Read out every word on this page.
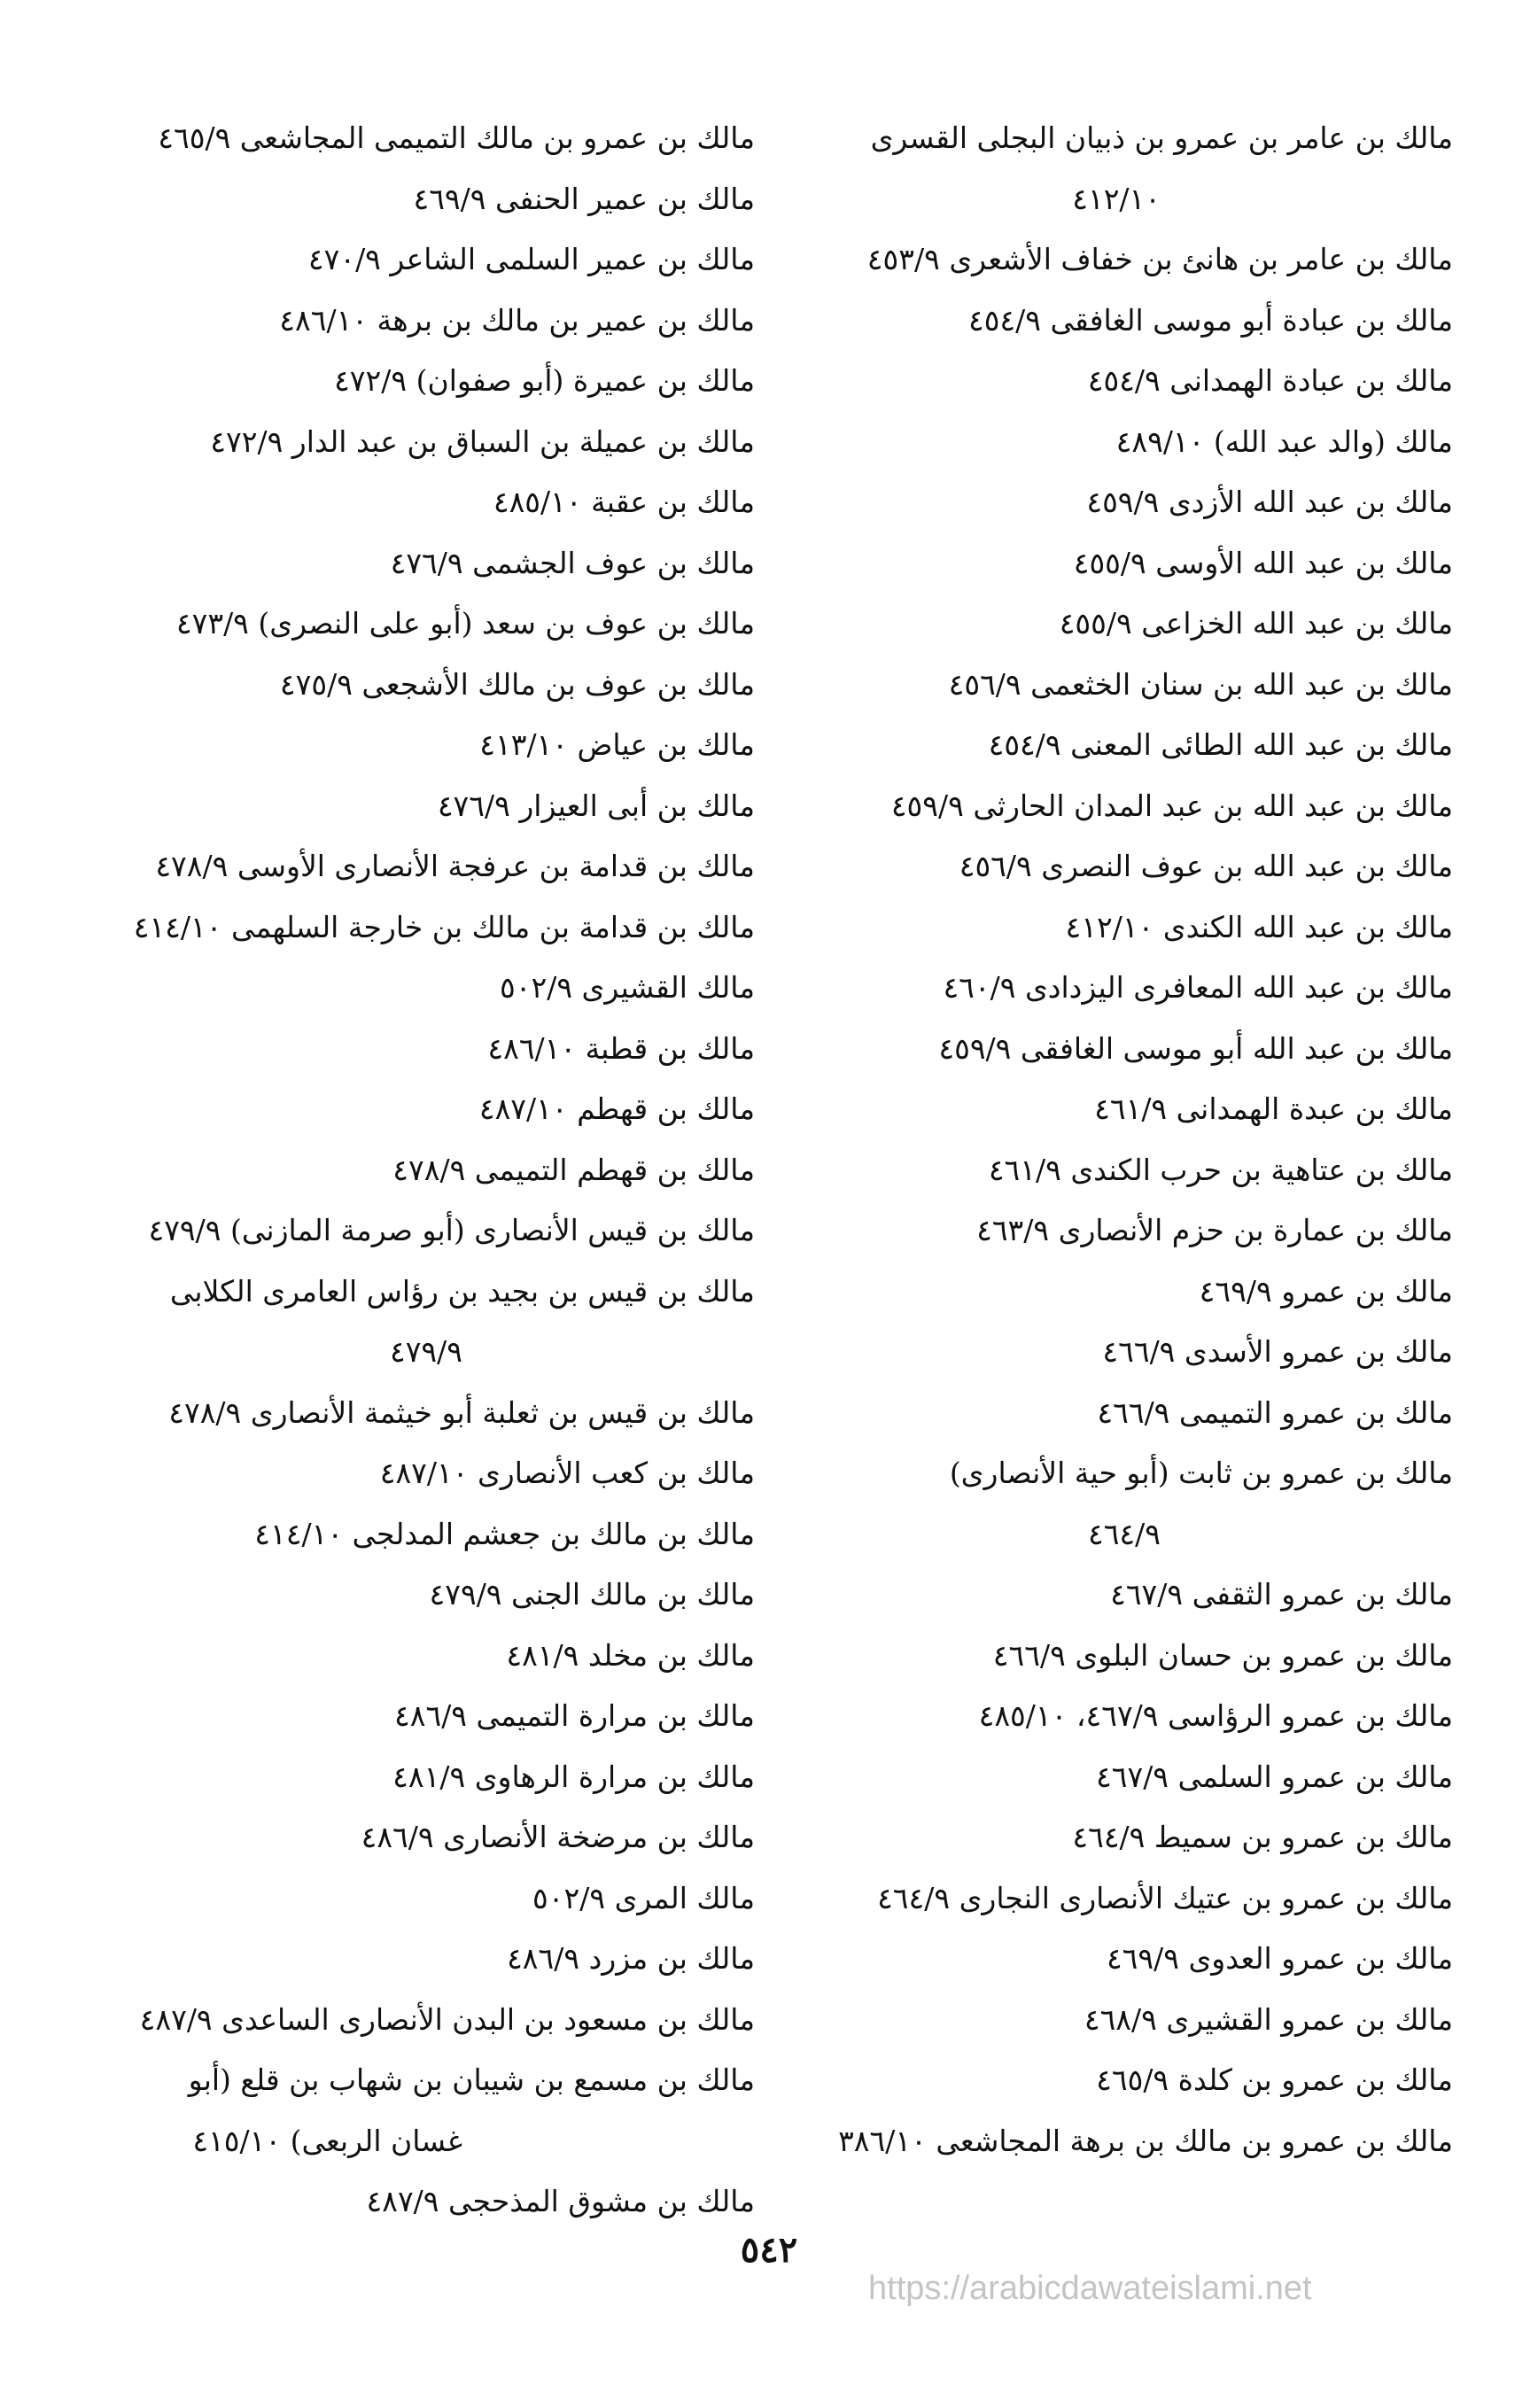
مالك بن عامر بن عمرو بن ذبيان البجلى القسرى
٤١٢/١٠
مالك بن عامر بن هانئ بن خفاف الأشعرى ٤٥٣/٩
مالك بن عبادة أبو موسى الغافقى ٤٥٤/٩
مالك بن عبادة الهمدانى ٤٥٤/٩
مالك (والد عبد الله) ٤٨٩/١٠
مالك بن عبد الله الأزدى ٤٥٩/٩
مالك بن عبد الله الأوسى ٤٥٥/٩
مالك بن عبد الله الخزاعى ٤٥٥/٩
مالك بن عبد الله بن سنان الخثعمى ٤٥٦/٩
مالك بن عبد الله الطائى المعنى ٤٥٤/٩
مالك بن عبد الله بن عبد المدان الحارثى ٤٥٩/٩
مالك بن عبد الله بن عوف النصرى ٤٥٦/٩
مالك بن عبد الله الكندى ٤١٢/١٠
مالك بن عبد الله المعافرى اليزدادى ٤٦٠/٩
مالك بن عبد الله أبو موسى الغافقى ٤٥٩/٩
مالك بن عبدة الهمدانى ٤٦١/٩
مالك بن عتاهية بن حرب الكندى ٤٦١/٩
مالك بن عمارة بن حزم الأنصارى ٤٦٣/٩
مالك بن عمرو ٤٦٩/٩
مالك بن عمرو الأسدى ٤٦٦/٩
مالك بن عمرو التميمى ٤٦٦/٩
مالك بن عمرو بن ثابت (أبو حية الأنصارى)
٤٦٤/٩
مالك بن عمرو الثقفى ٤٦٧/٩
مالك بن عمرو بن حسان البلوى ٤٦٦/٩
مالك بن عمرو الرؤاسى ٤٦٧/٩، ٤٨٥/١٠
مالك بن عمرو السلمى ٤٦٧/٩
مالك بن عمرو بن سميط ٤٦٤/٩
مالك بن عمرو بن عتيك الأنصارى النجارى ٤٦٤/٩
مالك بن عمرو العدوى ٤٦٩/٩
مالك بن عمرو القشيرى ٤٦٨/٩
مالك بن عمرو بن كلدة ٤٦٥/٩
مالك بن عمرو بن مالك بن برهة المجاشعى ٣٨٦/١٠
مالك بن عمرو بن مالك التميمى المجاشعى ٤٦٥/٩
مالك بن عمير الحنفى ٤٦٩/٩
مالك بن عمير السلمى الشاعر ٤٧٠/٩
مالك بن عمير بن مالك بن برهة ٤٨٦/١٠
مالك بن عميرة (أبو صفوان) ٤٧٢/٩
مالك بن عميلة بن السباق بن عبد الدار ٤٧٢/٩
مالك بن عقبة ٤٨٥/١٠
مالك بن عوف الجشمى ٤٧٦/٩
مالك بن عوف بن سعد (أبو على النصرى) ٤٧٣/٩
مالك بن عوف بن مالك الأشجعى ٤٧٥/٩
مالك بن عياض ٤١٣/١٠
مالك بن أبى العيزار ٤٧٦/٩
مالك بن قدامة بن عرفجة الأنصارى الأوسى ٤٧٨/٩
مالك بن قدامة بن مالك بن خارجة السلهمى ٤١٤/١٠
مالك القشيرى ٥٠٢/٩
مالك بن قطبة ٤٨٦/١٠
مالك بن قهطم ٤٨٧/١٠
مالك بن قهطم التميمى ٤٧٨/٩
مالك بن قيس الأنصارى (أبو صرمة المازنى) ٤٧٩/٩
مالك بن قيس بن بجيد بن رؤاس العامرى الكلابى
٤٧٩/٩
مالك بن قيس بن ثعلبة أبو خيثمة الأنصارى ٤٧٨/٩
مالك بن كعب الأنصارى ٤٨٧/١٠
مالك بن مالك بن جعشم المدلجى ٤١٤/١٠
مالك بن مالك الجنى ٤٧٩/٩
مالك بن مخلد ٤٨١/٩
مالك بن مرارة التميمى ٤٨٦/٩
مالك بن مرارة الرهاوى ٤٨١/٩
مالك بن مرضخة الأنصارى ٤٨٦/٩
مالك المرى ٥٠٢/٩
مالك بن مزرد ٤٨٦/٩
مالك بن مسعود بن البدن الأنصارى الساعدى ٤٨٧/٩
مالك بن مسمع بن شيبان بن شهاب بن قلع (أبو
غسان الربعى) ٤١٥/١٠
مالك بن مشوق المذحجى ٤٨٧/٩
٥٤٢
https://arabicdawateislami.net
